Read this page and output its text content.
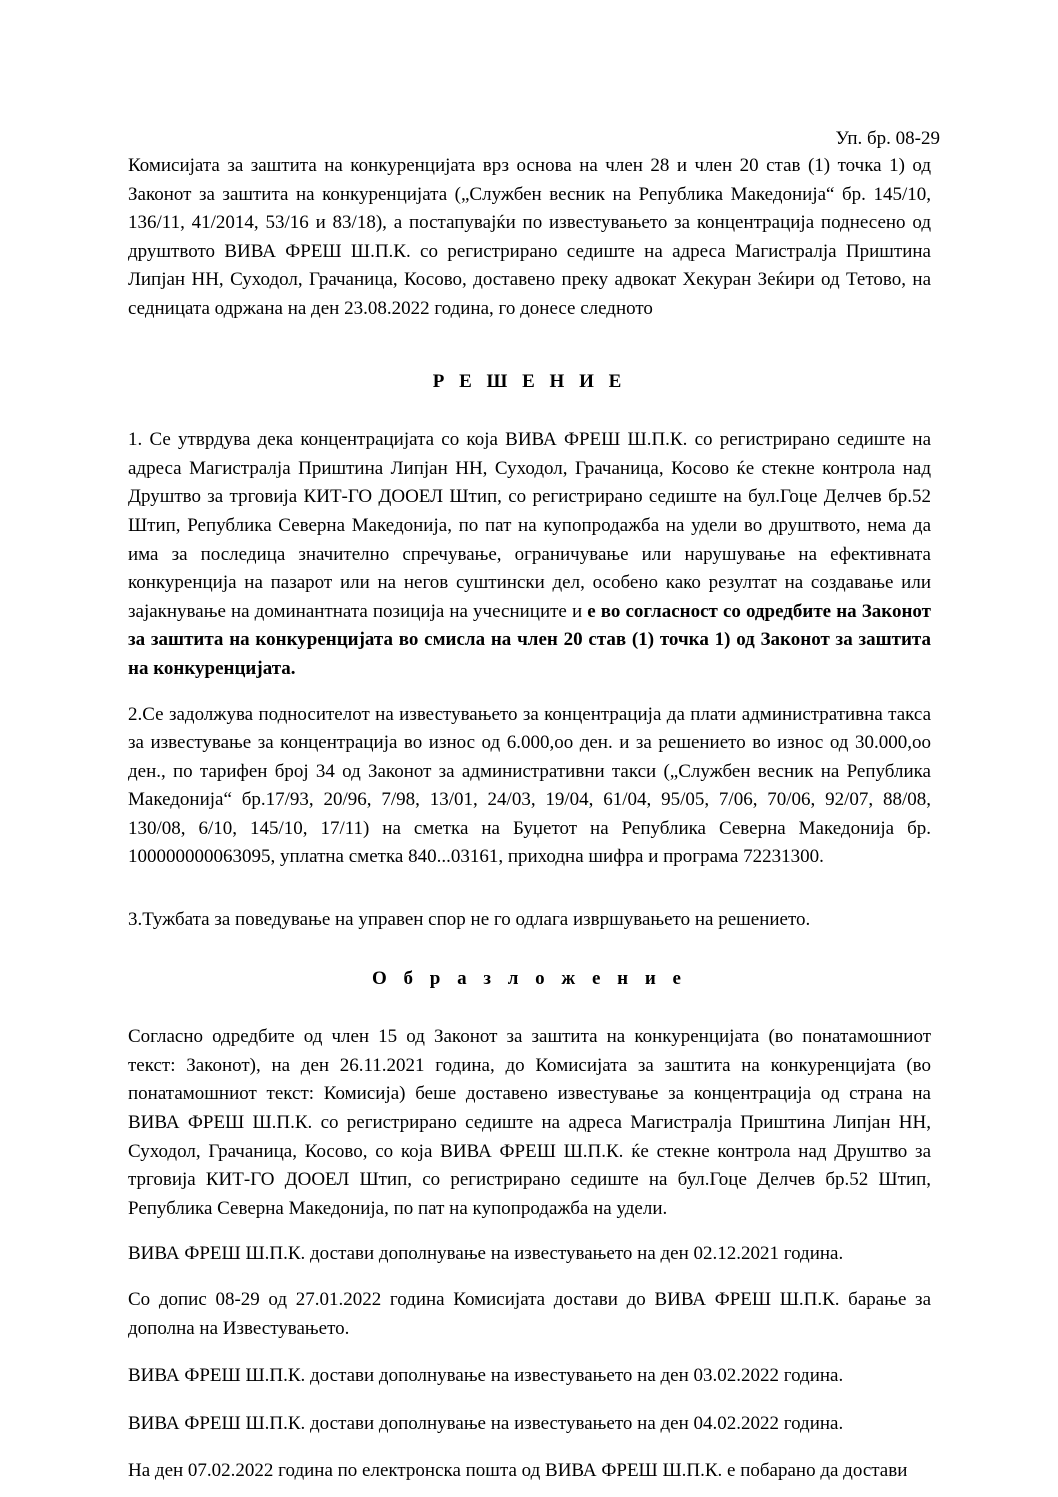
Уп. бр. 08-29

Комисијата за заштита на конкуренцијата врз основа на член 28 и член 20 став (1) точка 1) од Законот за заштита на конкуренцијата („Службен весник на Република Македонија“ бр. 145/10, 136/11, 41/2014, 53/16 и 83/18), а постапувајќи по известувањето за концентрација поднесено од друштвото ВИВА ФРЕШ Ш.П.К. со регистрирано седиште на адреса Магистралја Приштина Липјан НН, Суходол, Грачаница, Косово, доставено преку адвокат Хекуран Зеќири од Тетово, на седницата одржана на ден 23.08.2022 година, го донесе следното

Р Е Ш Е Н И Е

1. Се утврдува дека концентрацијата со која ВИВА ФРЕШ Ш.П.К. со регистрирано седиште на адреса Магистралја Приштина Липјан НН, Суходол, Грачаница, Косово ќе стекне контрола над Друштво за трговија КИТ-ГО ДООЕЛ Штип, со регистрирано седиште на бул.Гоце Делчев бр.52 Штип, Република Северна Македонија, по пат на купопродажба на удели во друштвото, нема да има за последица значително спречување, ограничување или нарушување на ефективната конкуренција на пазарот или на негов суштински дел, особено како резултат на создавање или зајакнување на доминантната позиција на учесниците и е во согласност со одредбите на Законот за заштита на конкуренцијата во смисла на член 20 став (1) точка 1) од Законот за заштита на конкуренцијата.

2.Се задолжува подносителот на известувањето за концентрација да плати административна такса за известување за концентрација во износ од 6.000,оо ден. и за решението во износ од 30.000,оо ден., по тарифен број 34 од Законот за административни такси („Службен весник на Република Македонија“ бр.17/93, 20/96, 7/98, 13/01, 24/03, 19/04, 61/04, 95/05, 7/06, 70/06, 92/07, 88/08, 130/08, 6/10, 145/10, 17/11) на сметка на Буџетот на Република Северна Македонија бр. 100000000063095, уплатна сметка 840...03161, приходна шифра и програма 72231300.

3.Тужбата за поведување на управен спор не го одлага извршувањето на решението.

О б р а з л о ж е н и е

Согласно одредбите од член 15 од Законот за заштита на конкуренцијата (во понатамошниот текст: Законот), на ден 26.11.2021 година, до Комисијата за заштита на конкуренцијата (во понатамошниот текст: Комисија) беше доставено известување за концентрација од страна на ВИВА ФРЕШ Ш.П.К. со регистрирано седиште на адреса Магистралја Приштина Липјан НН, Суходол, Грачаница, Косово, со која ВИВА ФРЕШ Ш.П.К. ќе стекне контрола над Друштво за трговија КИТ-ГО ДООЕЛ Штип, со регистрирано седиште на бул.Гоце Делчев бр.52 Штип, Република Северна Македонија, по пат на купопродажба на удели.

ВИВА ФРЕШ Ш.П.К. достави дополнување на известувањето на ден 02.12.2021 година.

Со допис 08-29 од 27.01.2022 година Комисијата достави до ВИВА ФРЕШ Ш.П.К. барање за дополна на Известувањето.

ВИВА ФРЕШ Ш.П.К. достави дополнување на известувањето на ден 03.02.2022 година.

ВИВА ФРЕШ Ш.П.К. достави дополнување на известувањето на ден 04.02.2022 година.

На ден 07.02.2022 година по електронска пошта од ВИВА ФРЕШ Ш.П.К. е побарано да достави
